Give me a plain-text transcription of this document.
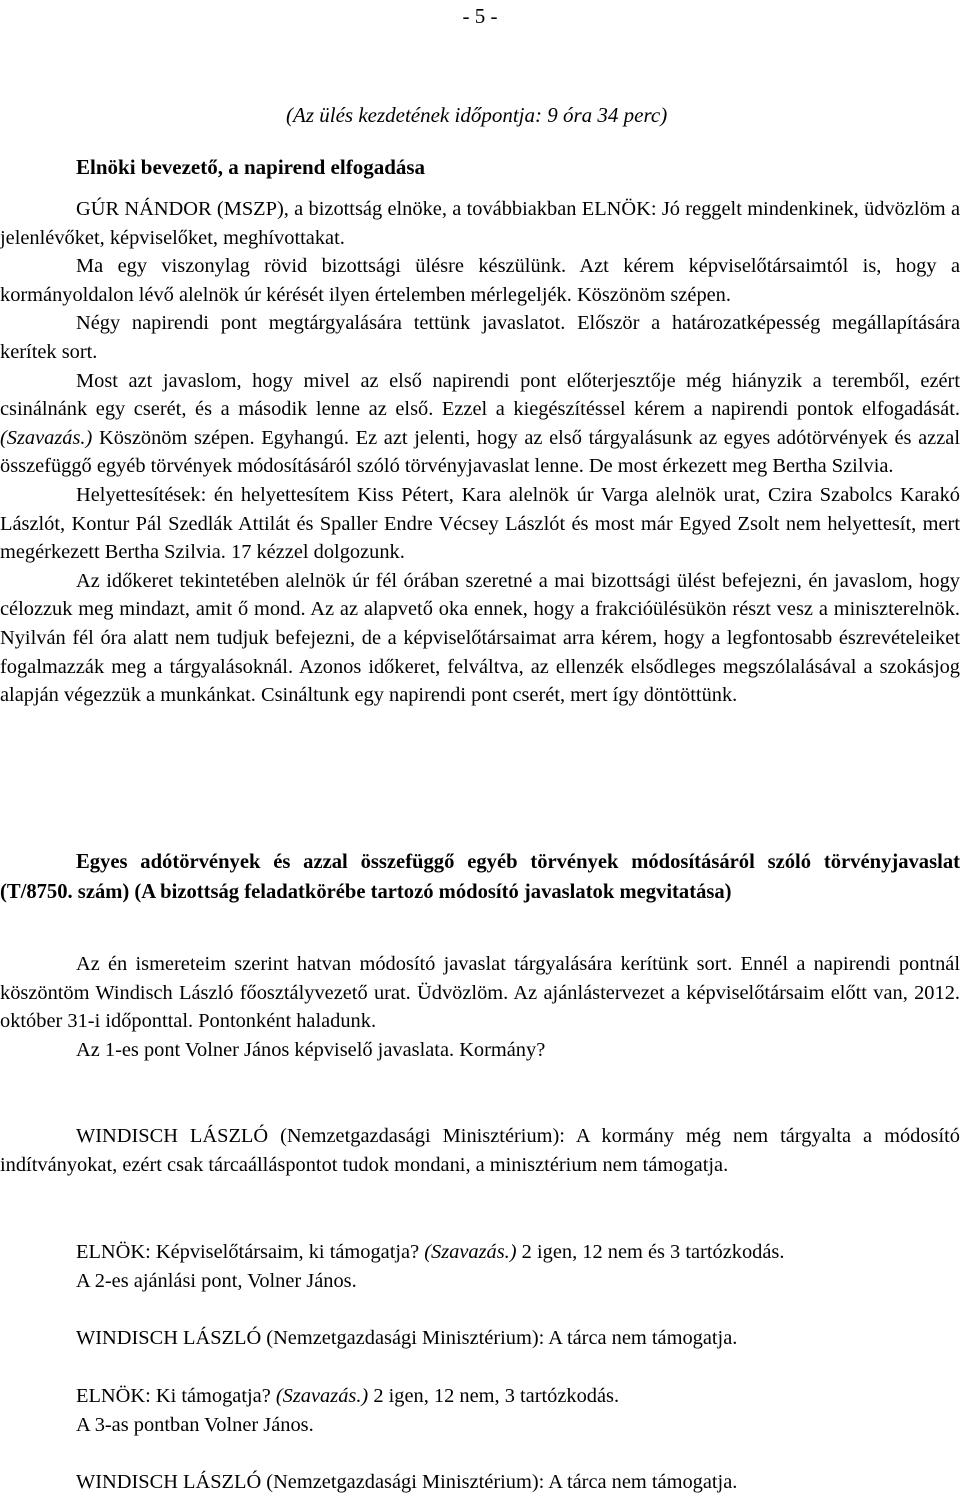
- 5 -
(Az ülés kezdetének időpontja: 9 óra 34 perc)
Elnöki bevezető, a napirend elfogadása

GÚR NÁNDOR (MSZP), a bizottság elnöke, a továbbiakban ELNÖK: Jó reggelt mindenkinek, üdvözlöm a jelenlévőket, képviselőket, meghívottakat.

Ma egy viszonylag rövid bizottsági ülésre készülünk. Azt kérem képviselőtársaimtól is, hogy a kormányoldalon lévő alelnök úr kérését ilyen értelemben mérlegeljék. Köszönöm szépen.

Négy napirendi pont megtárgyalására tettünk javaslatot. Először a határozatképesség megállapítására kerítek sort.

Most azt javaslom, hogy mivel az első napirendi pont előterjesztője még hiányzik a teremből, ezért csinálnánk egy cserét, és a második lenne az első. Ezzel a kiegészítéssel kérem a napirendi pontok elfogadását. (Szavazás.) Köszönöm szépen. Egyhangú. Ez azt jelenti, hogy az első tárgyalásunk az egyes adótörvények és azzal összefüggő egyéb törvények módosításáról szóló törvényjavaslat lenne. De most érkezett meg Bertha Szilvia.

Helyettesítések: én helyettesítem Kiss Pétert, Kara alelnök úr Varga alelnök urat, Czira Szabolcs Karakó Lászlót, Kontur Pál Szedlák Attilát és Spaller Endre Vécsey Lászlót és most már Egyed Zsolt nem helyettesít, mert megérkezett Bertha Szilvia. 17 kézzel dolgozunk.

Az időkeret tekintetében alelnök úr fél órában szeretné a mai bizottsági ülést befejezni, én javaslom, hogy célozzuk meg mindazt, amit ő mond. Az az alapvető oka ennek, hogy a frakcióülésükön részt vesz a miniszterelnök. Nyilván fél óra alatt nem tudjuk befejezni, de a képviselőtársaimat arra kérem, hogy a legfontosabb észrevételeiket fogalmazzák meg a tárgyalásoknál. Azonos időkeret, felváltva, az ellenzék elsődleges megszólalásával a szokásjog alapján végezzük a munkánkat. Csináltunk egy napirendi pont cserét, mert így döntöttünk.

Egyes adótörvények és azzal összefüggő egyéb törvények módosításáról szóló törvényjavaslat (T/8750. szám) (A bizottság feladatkörébe tartozó módosító javaslatok megvitatása)

Az én ismereteim szerint hatvan módosító javaslat tárgyalására kerítünk sort. Ennél a napirendi pontnál köszöntöm Windisch László főosztályvezető urat. Üdvözlöm. Az ajánlástervezet a képviselőtársaim előtt van, 2012. október 31-i időponttal. Pontonként haladunk.

Az 1-es pont Volner János képviselő javaslata. Kormány?

WINDISCH LÁSZLÓ (Nemzetgazdasági Minisztérium): A kormány még nem tárgyalta a módosító indítványokat, ezért csak tárcaálláspontot tudok mondani, a minisztérium nem támogatja.

ELNÖK: Képviselőtársaim, ki támogatja? (Szavazás.) 2 igen, 12 nem és 3 tartózkodás.

A 2-es ajánlási pont, Volner János.

WINDISCH LÁSZLÓ (Nemzetgazdasági Minisztérium): A tárca nem támogatja.

ELNÖK: Ki támogatja? (Szavazás.) 2 igen, 12 nem, 3 tartózkodás.

A 3-as pontban Volner János.

WINDISCH LÁSZLÓ (Nemzetgazdasági Minisztérium): A tárca nem támogatja.
